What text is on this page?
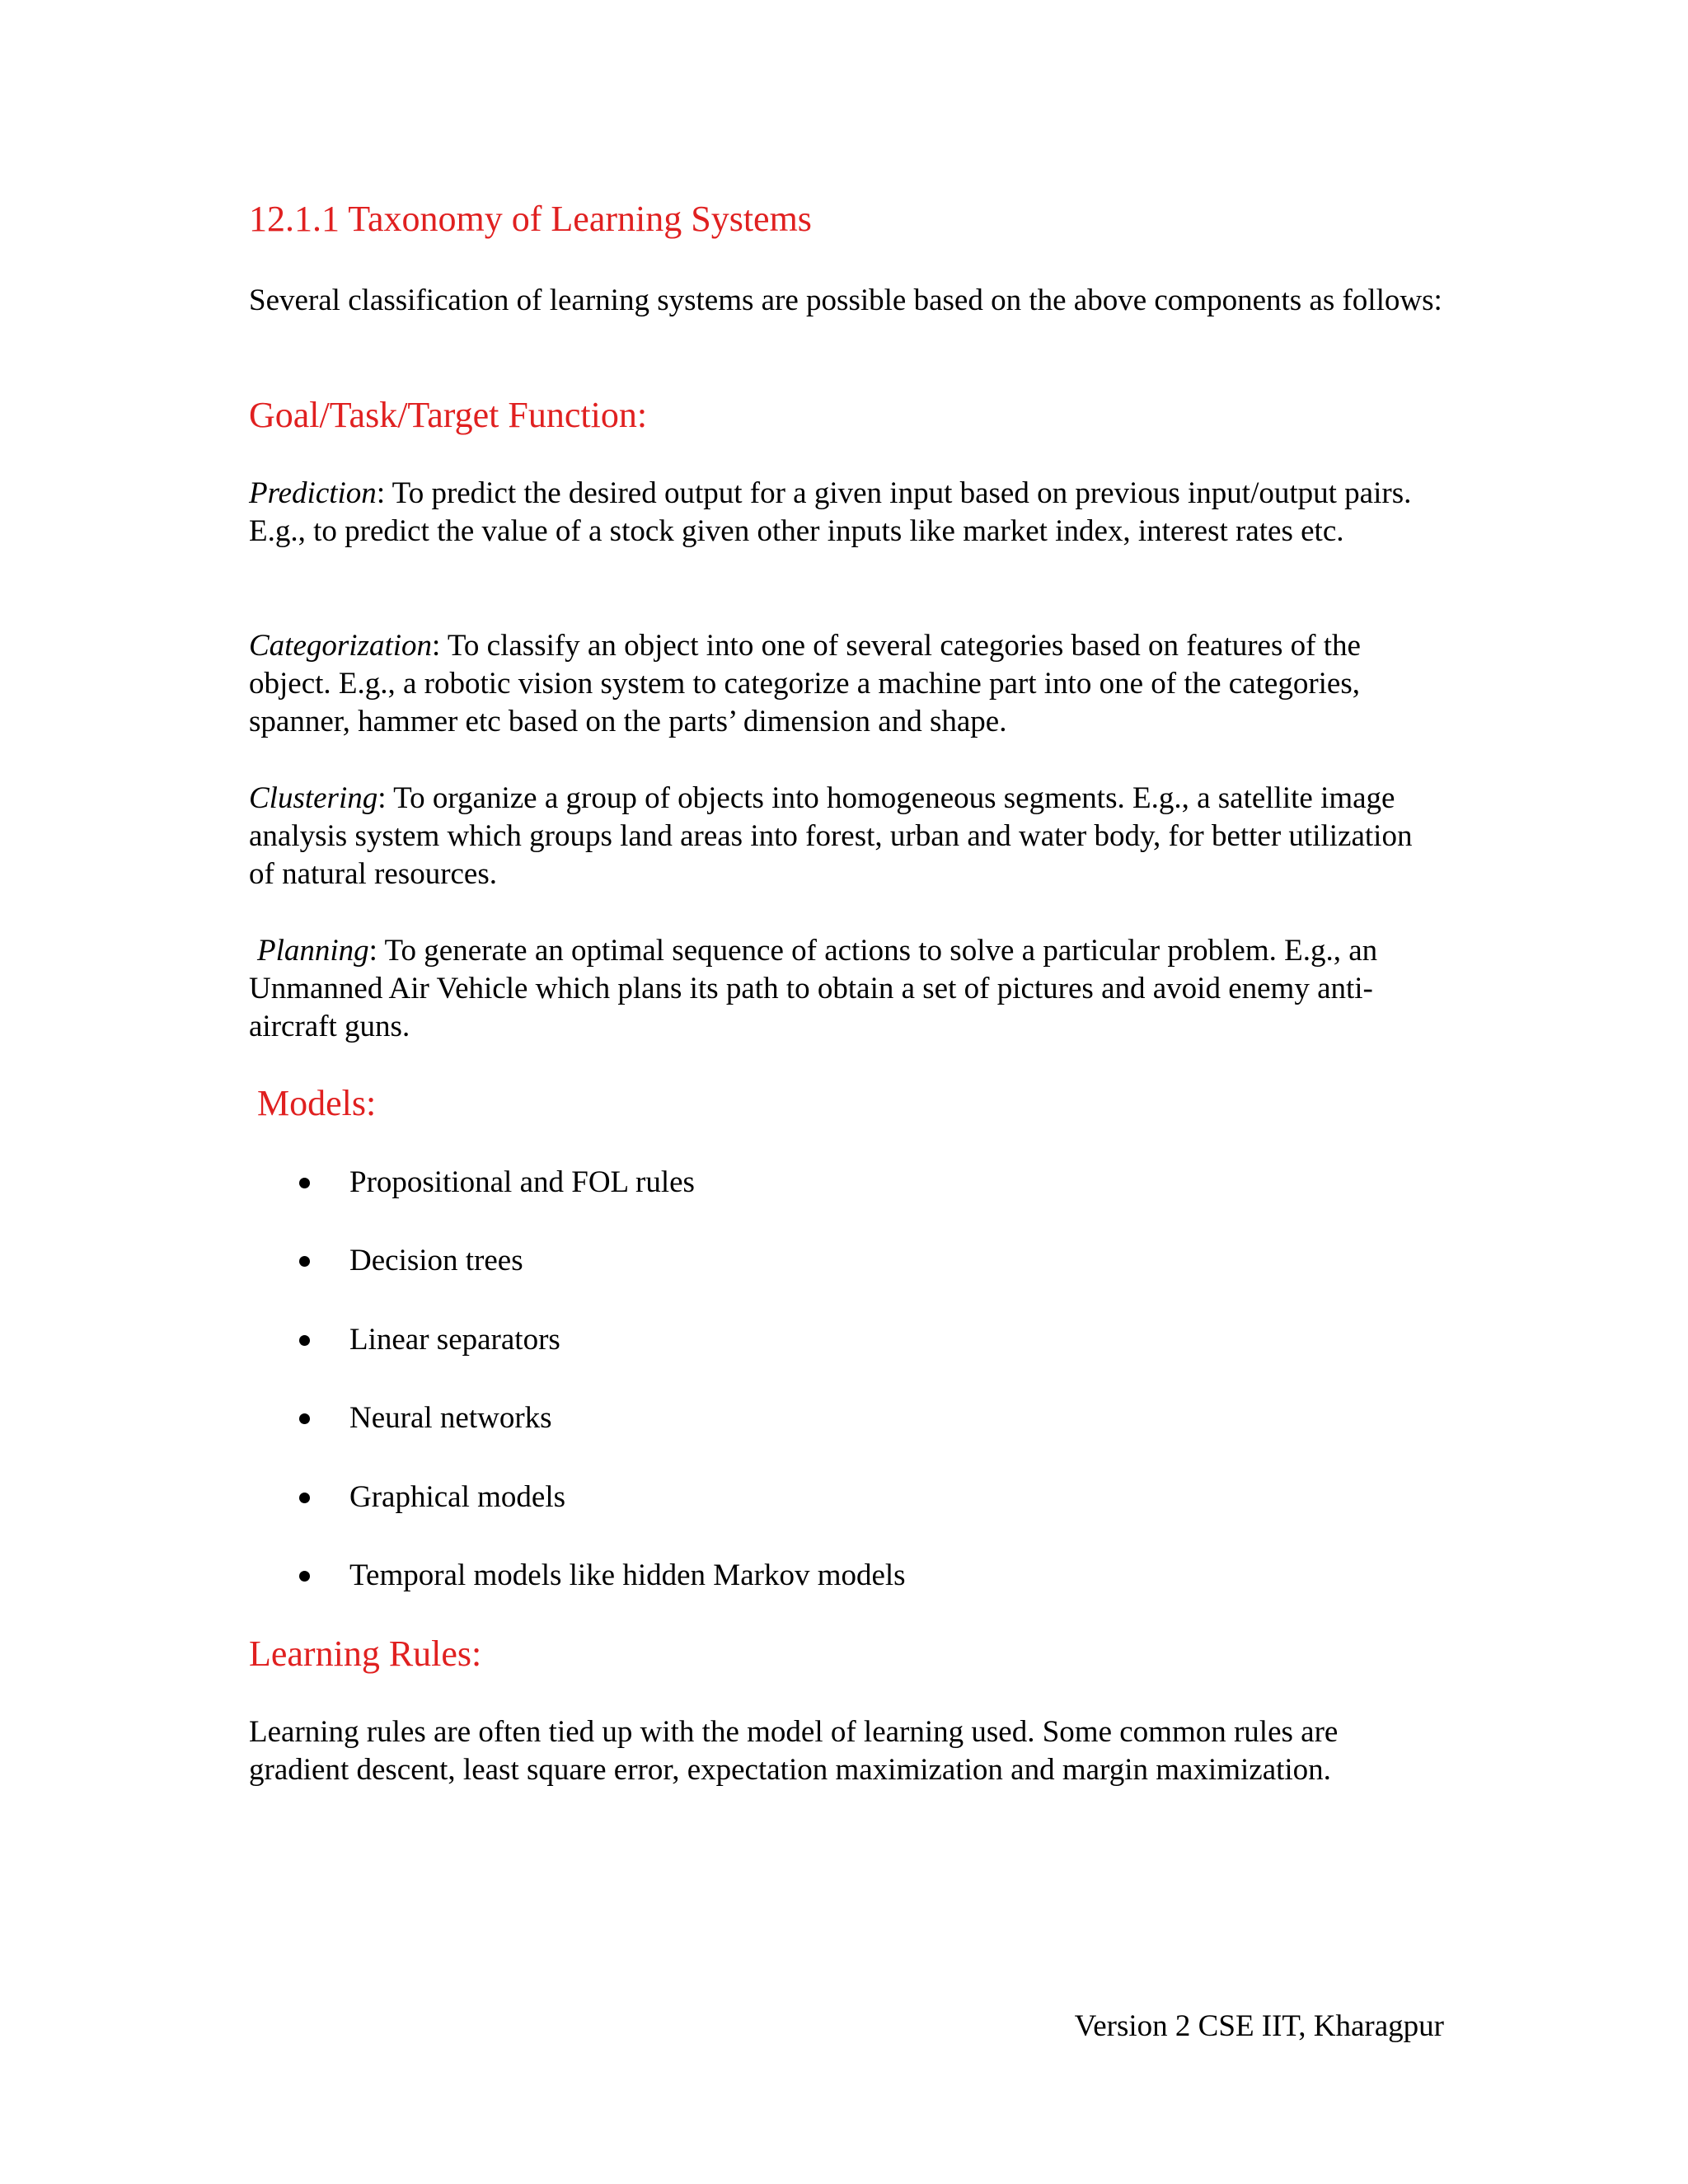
12.1.1 Taxonomy of Learning Systems

Several classification of learning systems are possible based on the above components as follows:

Goal/Task/Target Function:

Prediction: To predict the desired output for a given input based on previous input/output pairs. E.g., to predict the value of a stock given other inputs like market index, interest rates etc.

Categorization: To classify an object into one of several categories based on features of the object. E.g., a robotic vision system to categorize a machine part into one of the categories, spanner, hammer etc based on the parts’ dimension and shape.

Clustering: To organize a group of objects into homogeneous segments. E.g., a satellite image analysis system which groups land areas into forest, urban and water body, for better utilization of natural resources.

Planning: To generate an optimal sequence of actions to solve a particular problem. E.g., an Unmanned Air Vehicle which plans its path to obtain a set of pictures and avoid enemy anti-aircraft guns.

Models:
Propositional and FOL rules
Decision trees
Linear separators
Neural networks
Graphical models
Temporal models like hidden Markov models
Learning Rules:

Learning rules are often tied up with the model of learning used. Some common rules are gradient descent, least square error, expectation maximization and margin maximization.

Version 2 CSE IIT, Kharagpur
